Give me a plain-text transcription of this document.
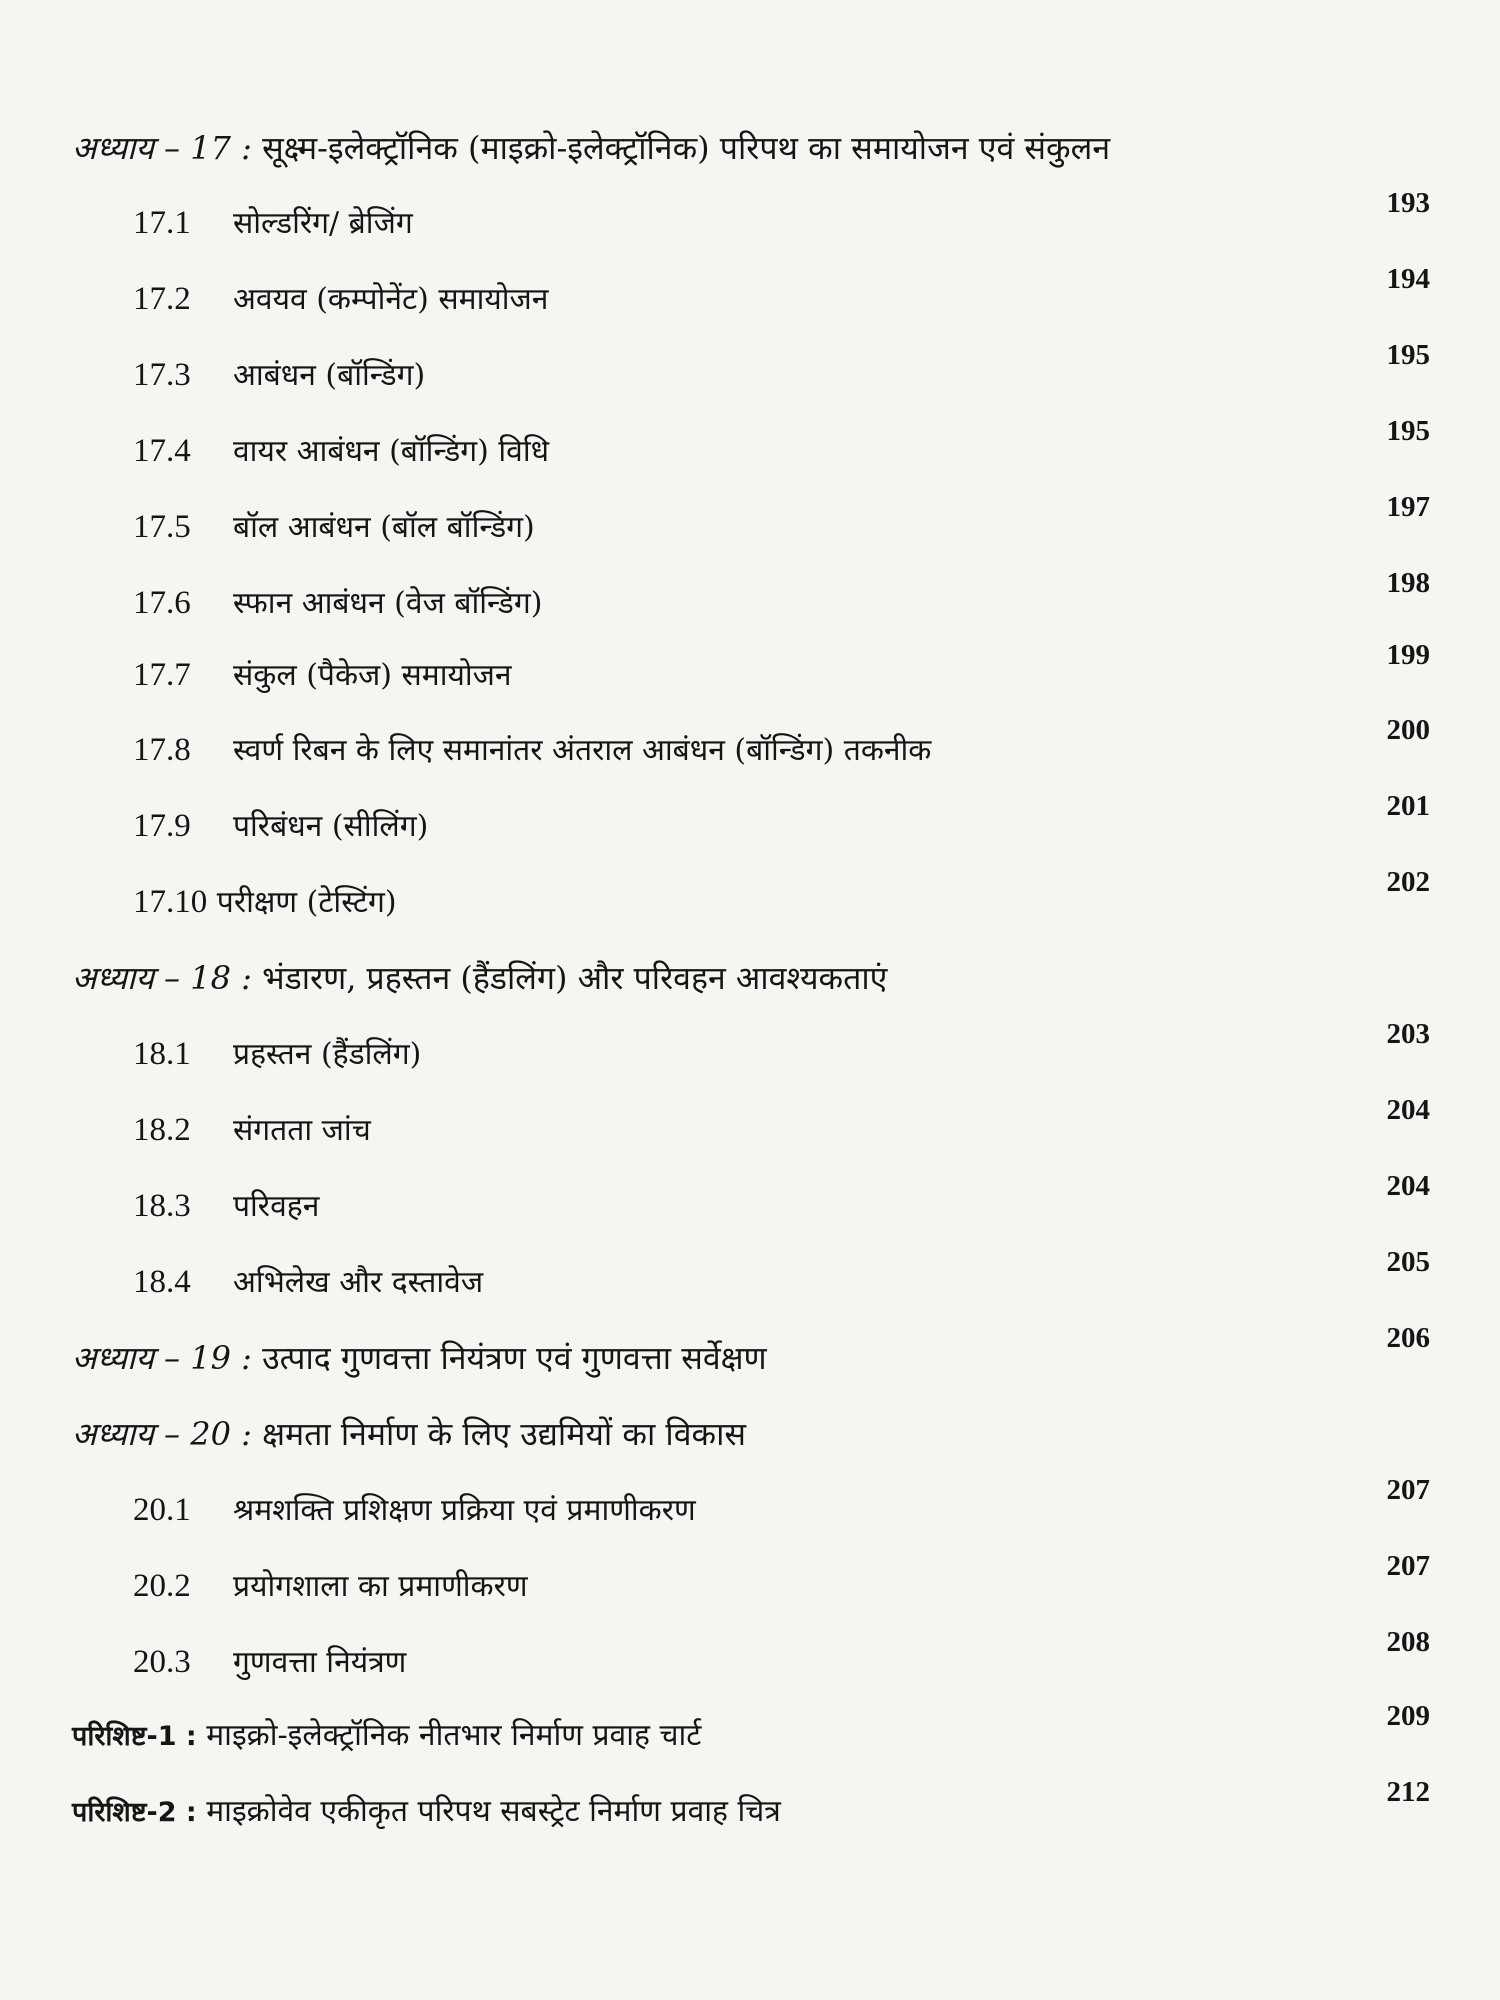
अध्याय – 17 : सूक्ष्म-इलेक्ट्रॉनिक (माइक्रो-इलेक्ट्रॉनिक) परिपथ का समायोजन एवं संकुलन
17.1 सोल्डरिंग/ ब्रेजिंग
193
17.2 अवयव (कम्पोनेंट) समायोजन
194
17.3 आबंधन (बॉन्डिंग)
195
17.4 वायर आबंधन (बॉन्डिंग) विधि
195
17.5 बॉल आबंधन (बॉल बॉन्डिंग)
197
17.6 स्फान आबंधन (वेज बॉन्डिंग)
198
17.7 संकुल (पैकेज) समायोजन
199
17.8 स्वर्ण रिबन के लिए समानांतर अंतराल आबंधन (बॉन्डिंग) तकनीक
200
17.9 परिबंधन (सीलिंग)
201
17.10 परीक्षण (टेस्टिंग)
202
अध्याय – 18 : भंडारण, प्रहस्तन (हैंडलिंग) और परिवहन आवश्यकताएं
18.1 प्रहस्तन (हैंडलिंग)
203
18.2 संगतता जांच
204
18.3 परिवहन
204
18.4 अभिलेख और दस्तावेज
205
अध्याय – 19 : उत्पाद गुणवत्ता नियंत्रण एवं गुणवत्ता सर्वेक्षण
206
अध्याय – 20 : क्षमता निर्माण के लिए उद्यमियों का विकास
20.1 श्रमशक्ति प्रशिक्षण प्रक्रिया एवं प्रमाणीकरण
207
20.2 प्रयोगशाला का प्रमाणीकरण
207
20.3 गुणवत्ता नियंत्रण
208
परिशिष्ट-1 : माइक्रो-इलेक्ट्रॉनिक नीतभार निर्माण प्रवाह चार्ट
209
परिशिष्ट-2 : माइक्रोवेव एकीकृत परिपथ सबस्ट्रेट निर्माण प्रवाह चित्र
212
